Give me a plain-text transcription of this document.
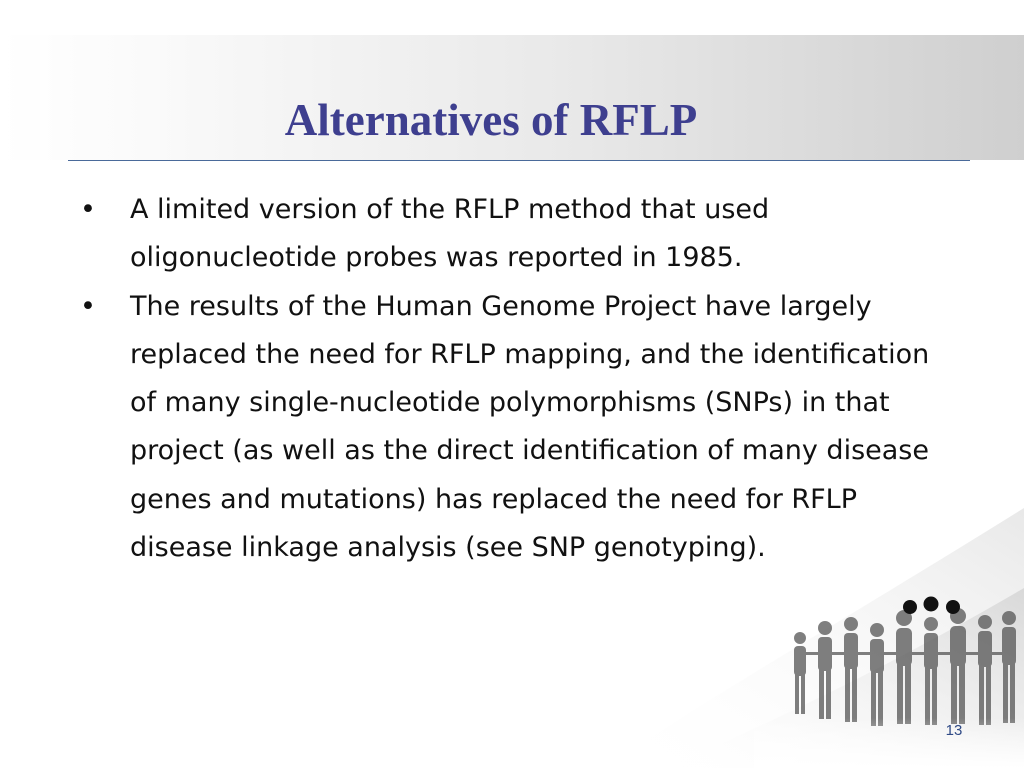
Alternatives of RFLP
• A limited version of the RFLP method that used oligonucleotide probes was reported in 1985.
• The results of the Human Genome Project have largely replaced the need for RFLP mapping, and the identification of many single-nucleotide polymorphisms (SNPs) in that project (as well as the direct identification of many disease genes and mutations) has replaced the need for RFLP disease linkage analysis (see SNP genotyping).
13
